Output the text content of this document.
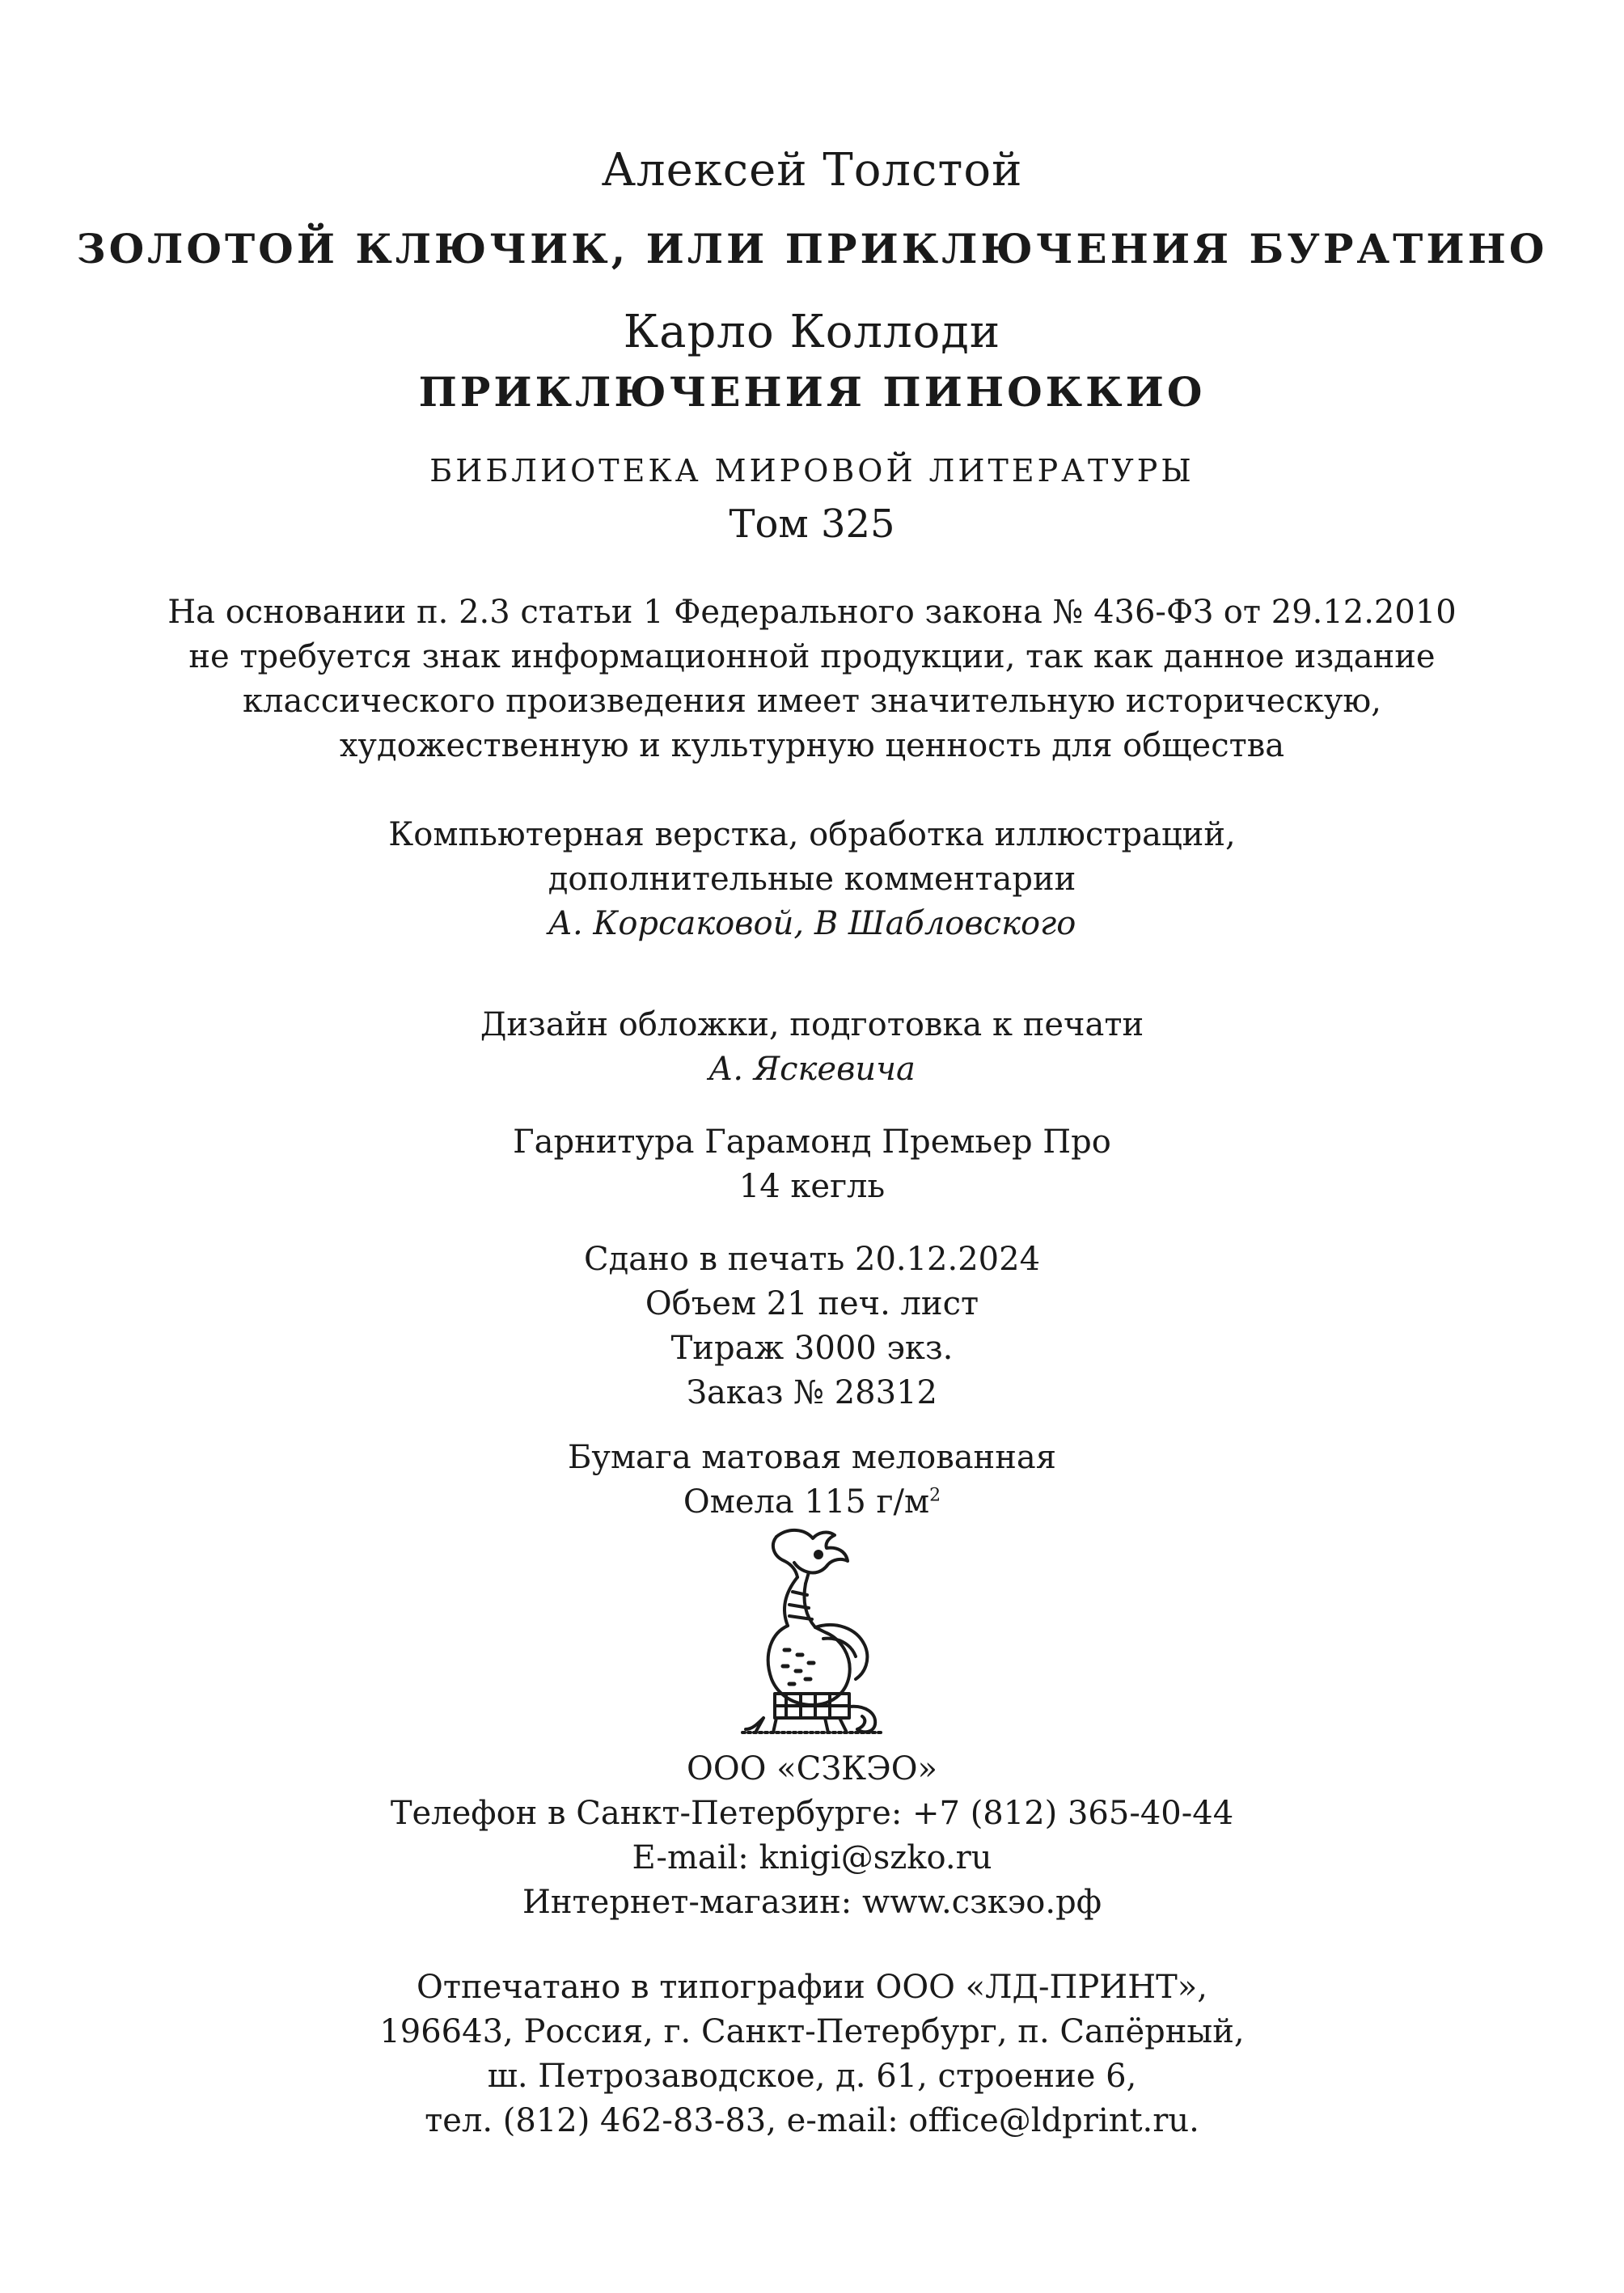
Алексей Толстой
ЗОЛОТОЙ КЛЮЧИК, ИЛИ ПРИКЛЮЧЕНИЯ БУРАТИНО
Карло Коллоди
ПРИКЛЮЧЕНИЯ ПИНОККИО
БИБЛИОТЕКА МИРОВОЙ ЛИТЕРАТУРЫ
Том 325
На основании п. 2.3 статьи 1 Федерального закона № 436-ФЗ от 29.12.2010
не требуется знак информационной продукции, так как данное издание
классического произведения имеет значительную историческую,
художественную и культурную ценность для общества
Компьютерная верстка, обработка иллюстраций,
дополнительные комментарии
А. Корсаковой, В Шабловского
Дизайн обложки, подготовка к печати
А. Яскевича
Гарнитура Гарамонд Премьер Про
14 кегль
Сдано в печать 20.12.2024
Объем 21 печ. лист
Тираж 3000 экз.
Заказ № 28312
Бумага матовая мелованная
Омела 115 $г/м^2$
ООО «СЗКЭО»
Телефон в Санкт-Петербурге: +7 (812) 365-40-44
E-mail: knigi@szko.ru
Интернет-магазин: www.сзкэо.рф
Отпечатано в типографии ООО «ЛД-ПРИНТ»,
196643, Россия, г. Санкт-Петербург, п. Сапёрный,
ш. Петрозаводское, д. 61, строение 6,
тел. (812) 462-83-83, e-mail: office@ldprint.ru.
